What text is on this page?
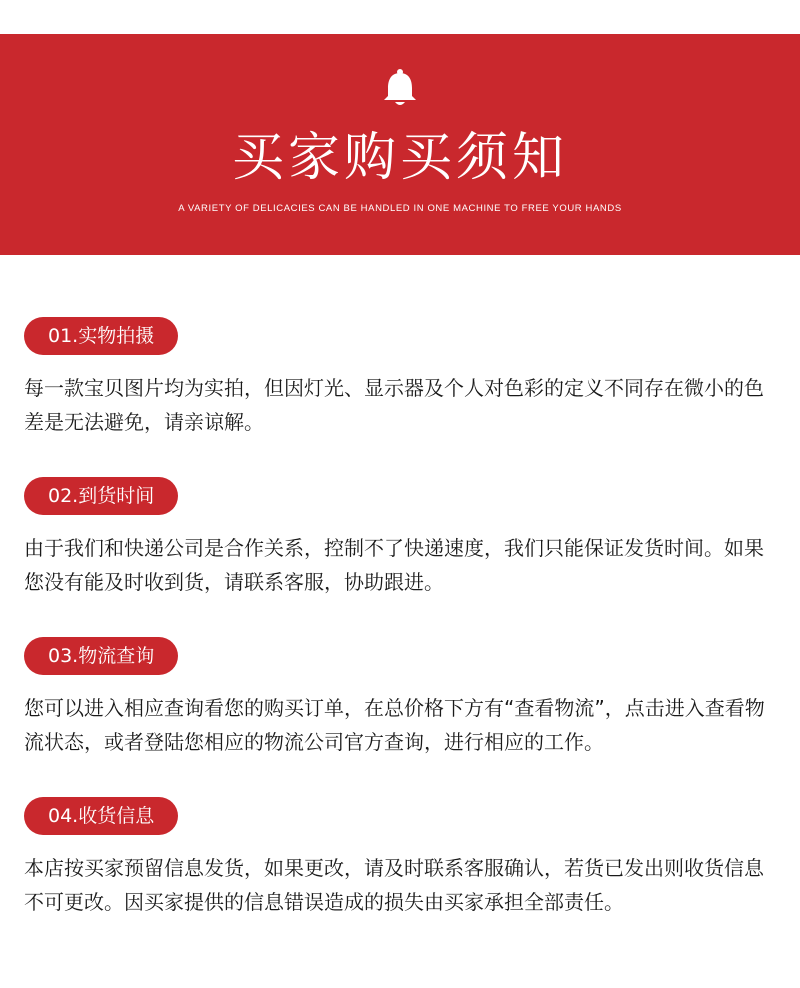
买家购买须知
A VARIETY OF DELICACIES CAN BE HANDLED IN ONE MACHINE TO FREE YOUR HANDS
01.实物拍摄
每一款宝贝图片均为实拍，但因灯光、显示器及个人对色彩的定义不同存在微小的色差是无法避免，请亲谅解。
02.到货时间
由于我们和快递公司是合作关系，控制不了快递速度，我们只能保证发货时间。如果您没有能及时收到货，请联系客服，协助跟进。
03.物流查询
您可以进入相应查询看您的购买订单，在总价格下方有“查看物流”，点击进入查看物流状态，或者登陆您相应的物流公司官方查询，进行相应的工作。
04.收货信息
本店按买家预留信息发货，如果更改，请及时联系客服确认，若货已发出则收货信息不可更改。因买家提供的信息错误造成的损失由买家承担全部责任。
